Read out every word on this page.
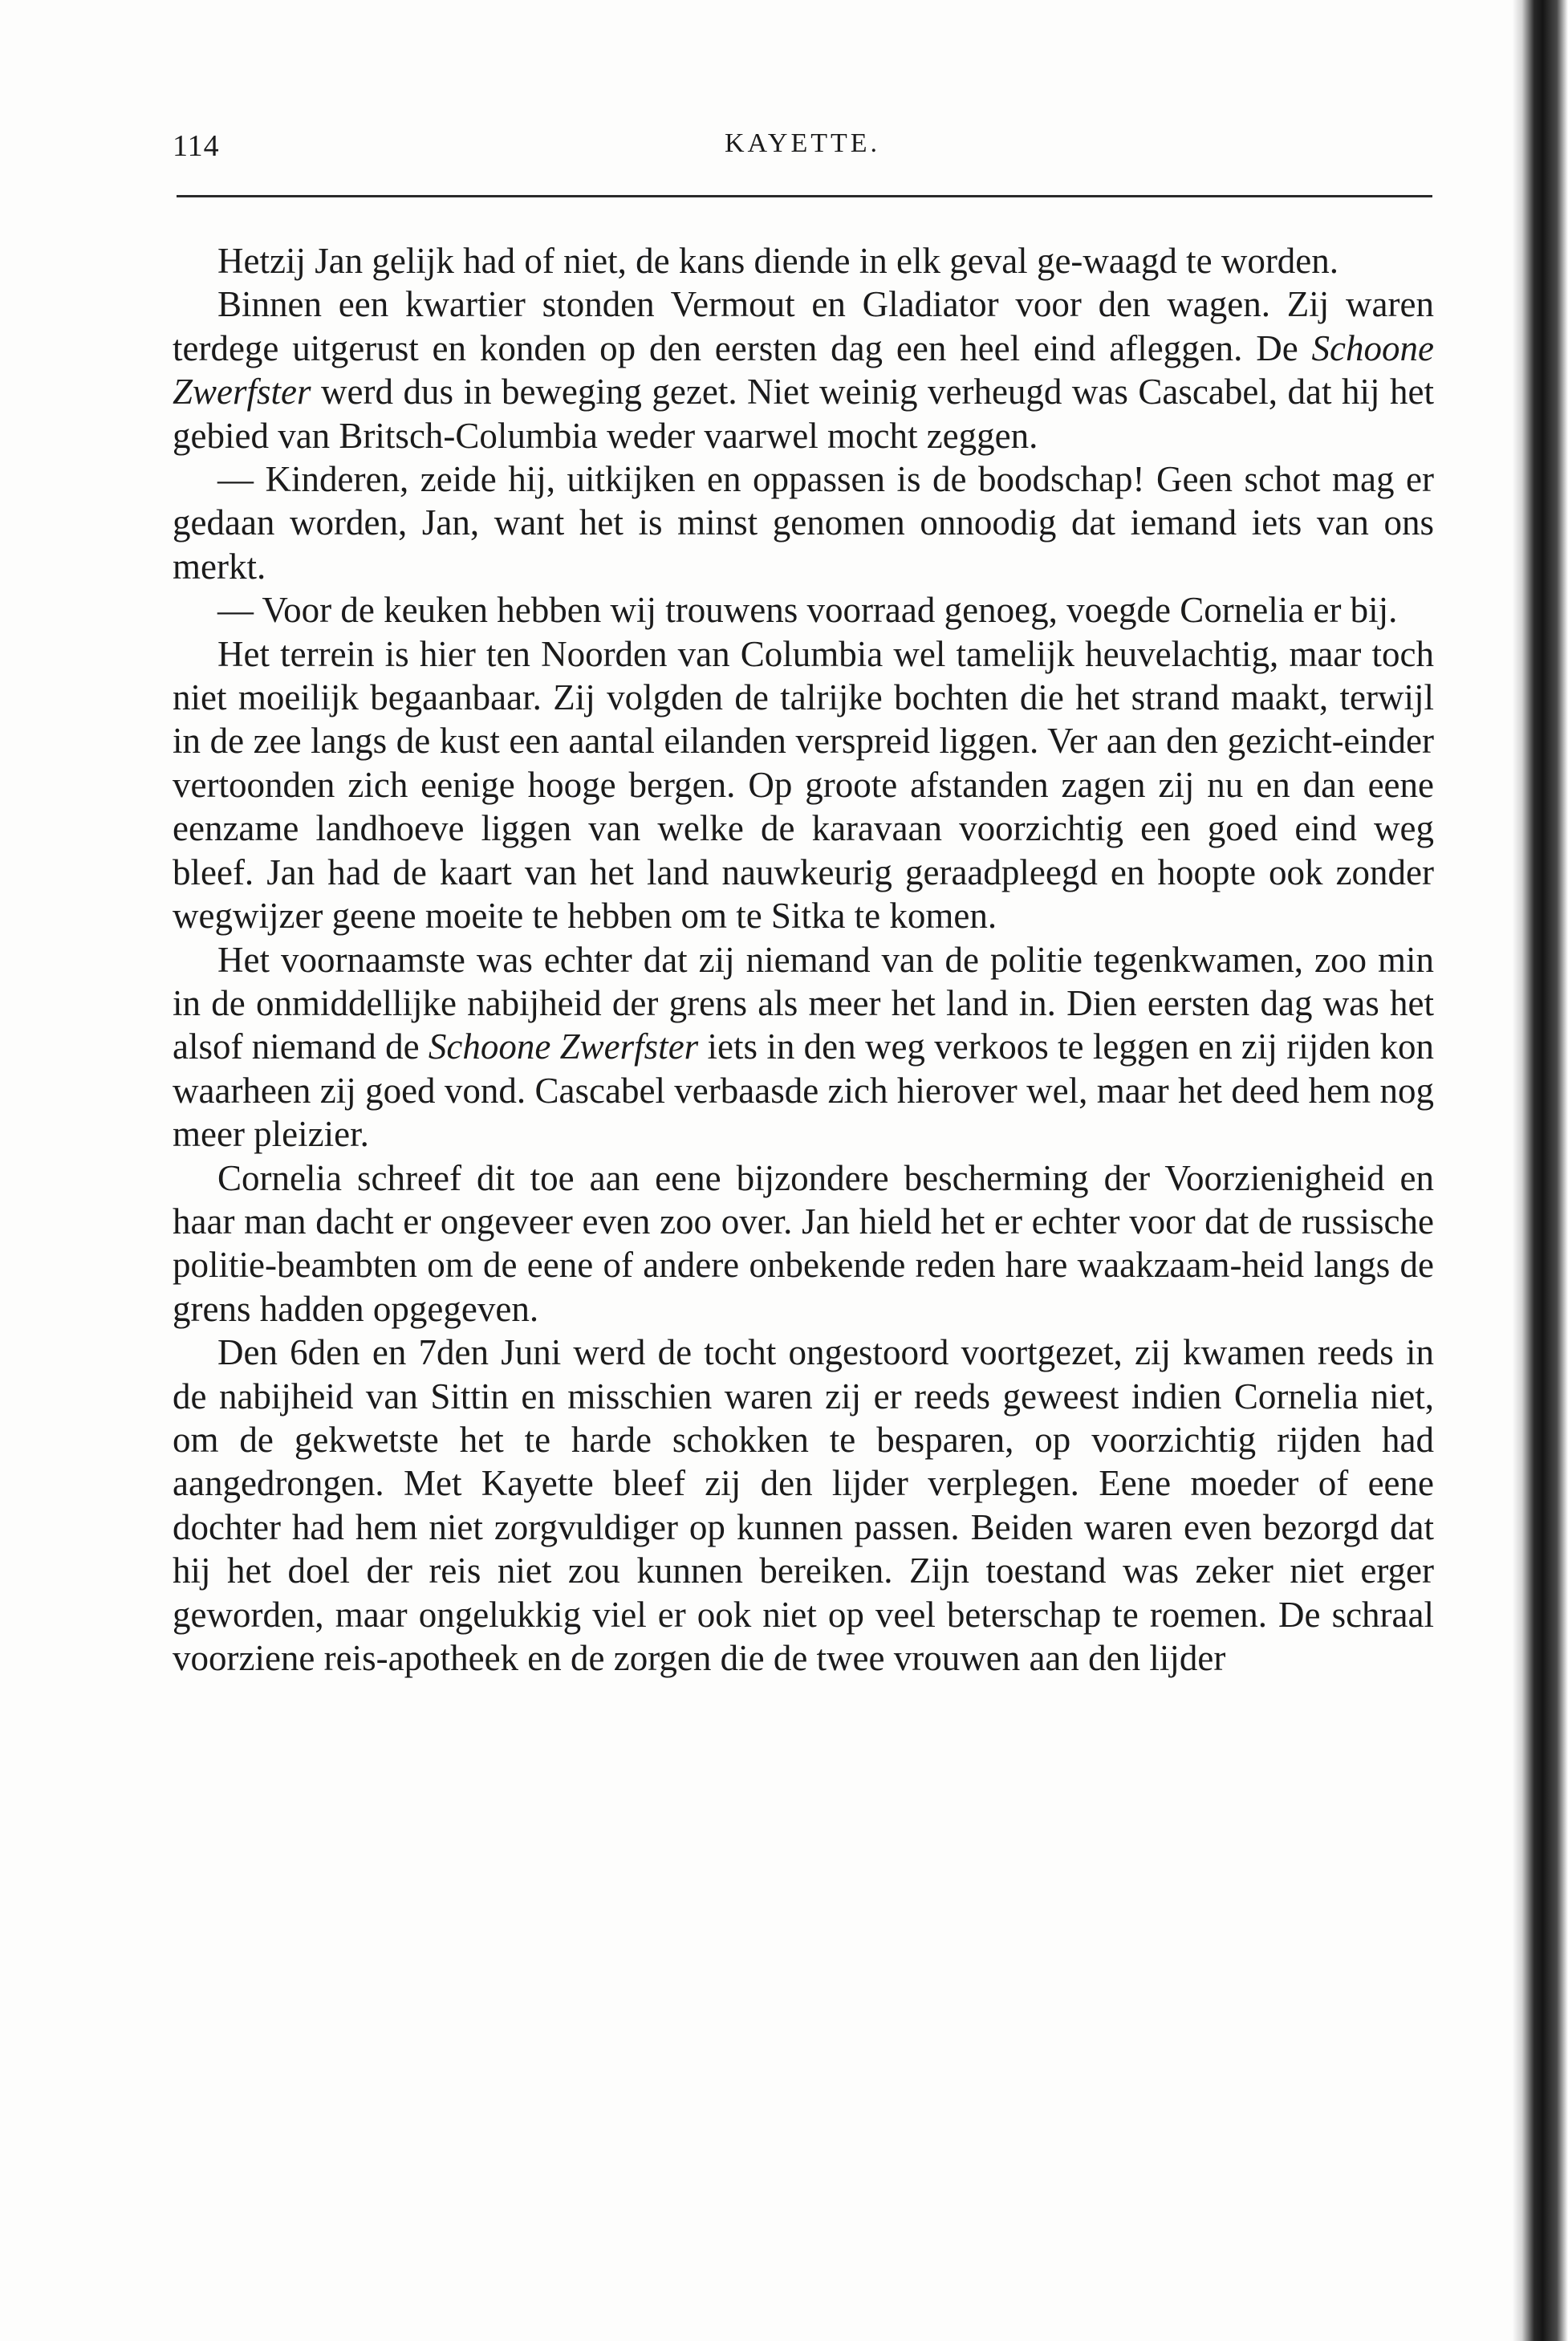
114	KAYETTE.

Hetzij Jan gelijk had of niet, de kans diende in elk geval ge-waagd te worden.

Binnen een kwartier stonden Vermout en Gladiator voor den wagen. Zij waren terdege uitgerust en konden op den eersten dag een heel eind afleggen. De Schoone Zwerfster werd dus in beweging gezet. Niet weinig verheugd was Cascabel, dat hij het gebied van Britsch-Columbia weder vaarwel mocht zeggen.

— Kinderen, zeide hij, uitkijken en oppassen is de boodschap! Geen schot mag er gedaan worden, Jan, want het is minst genomen onnoodig dat iemand iets van ons merkt.

— Voor de keuken hebben wij trouwens voorraad genoeg, voegde Cornelia er bij.

Het terrein is hier ten Noorden van Columbia wel tamelijk heuvelachtig, maar toch niet moeilijk begaanbaar. Zij volgden de talrijke bochten die het strand maakt, terwijl in de zee langs de kust een aantal eilanden verspreid liggen. Ver aan den gezicht-einder vertoonden zich eenige hooge bergen. Op groote afstanden zagen zij nu en dan eene eenzame landhoeve liggen van welke de karavaan voorzichtig een goed eind weg bleef. Jan had de kaart van het land nauwkeurig geraadpleegd en hoopte ook zonder wegwijzer geene moeite te hebben om te Sitka te komen.

Het voornaamste was echter dat zij niemand van de politie tegenkwamen, zoo min in de onmiddellijke nabijheid der grens als meer het land in. Dien eersten dag was het alsof niemand de Schoone Zwerfster iets in den weg verkoos te leggen en zij rijden kon waarheen zij goed vond. Cascabel verbaasde zich hierover wel, maar het deed hem nog meer pleizier.

Cornelia schreef dit toe aan eene bijzondere bescherming der Voorzienigheid en haar man dacht er ongeveer even zoo over. Jan hield het er echter voor dat de russische politie-beambten om de eene of andere onbekende reden hare waakzaam-heid langs de grens hadden opgegeven.

Den 6den en 7den Juni werd de tocht ongestoord voortgezet, zij kwamen reeds in de nabijheid van Sittin en misschien waren zij er reeds geweest indien Cornelia niet, om de gekwetste het te harde schokken te besparen, op voorzichtig rijden had aangedrongen. Met Kayette bleef zij den lijder verplegen. Eene moeder of eene dochter had hem niet zorgvuldiger op kunnen passen. Beiden waren even bezorgd dat hij het doel der reis niet zou kunnen bereiken. Zijn toestand was zeker niet erger geworden, maar ongelukkig viel er ook niet op veel beterschap te roemen. De schraal voorziene reis-apotheek en de zorgen die de twee vrouwen aan den lijder
